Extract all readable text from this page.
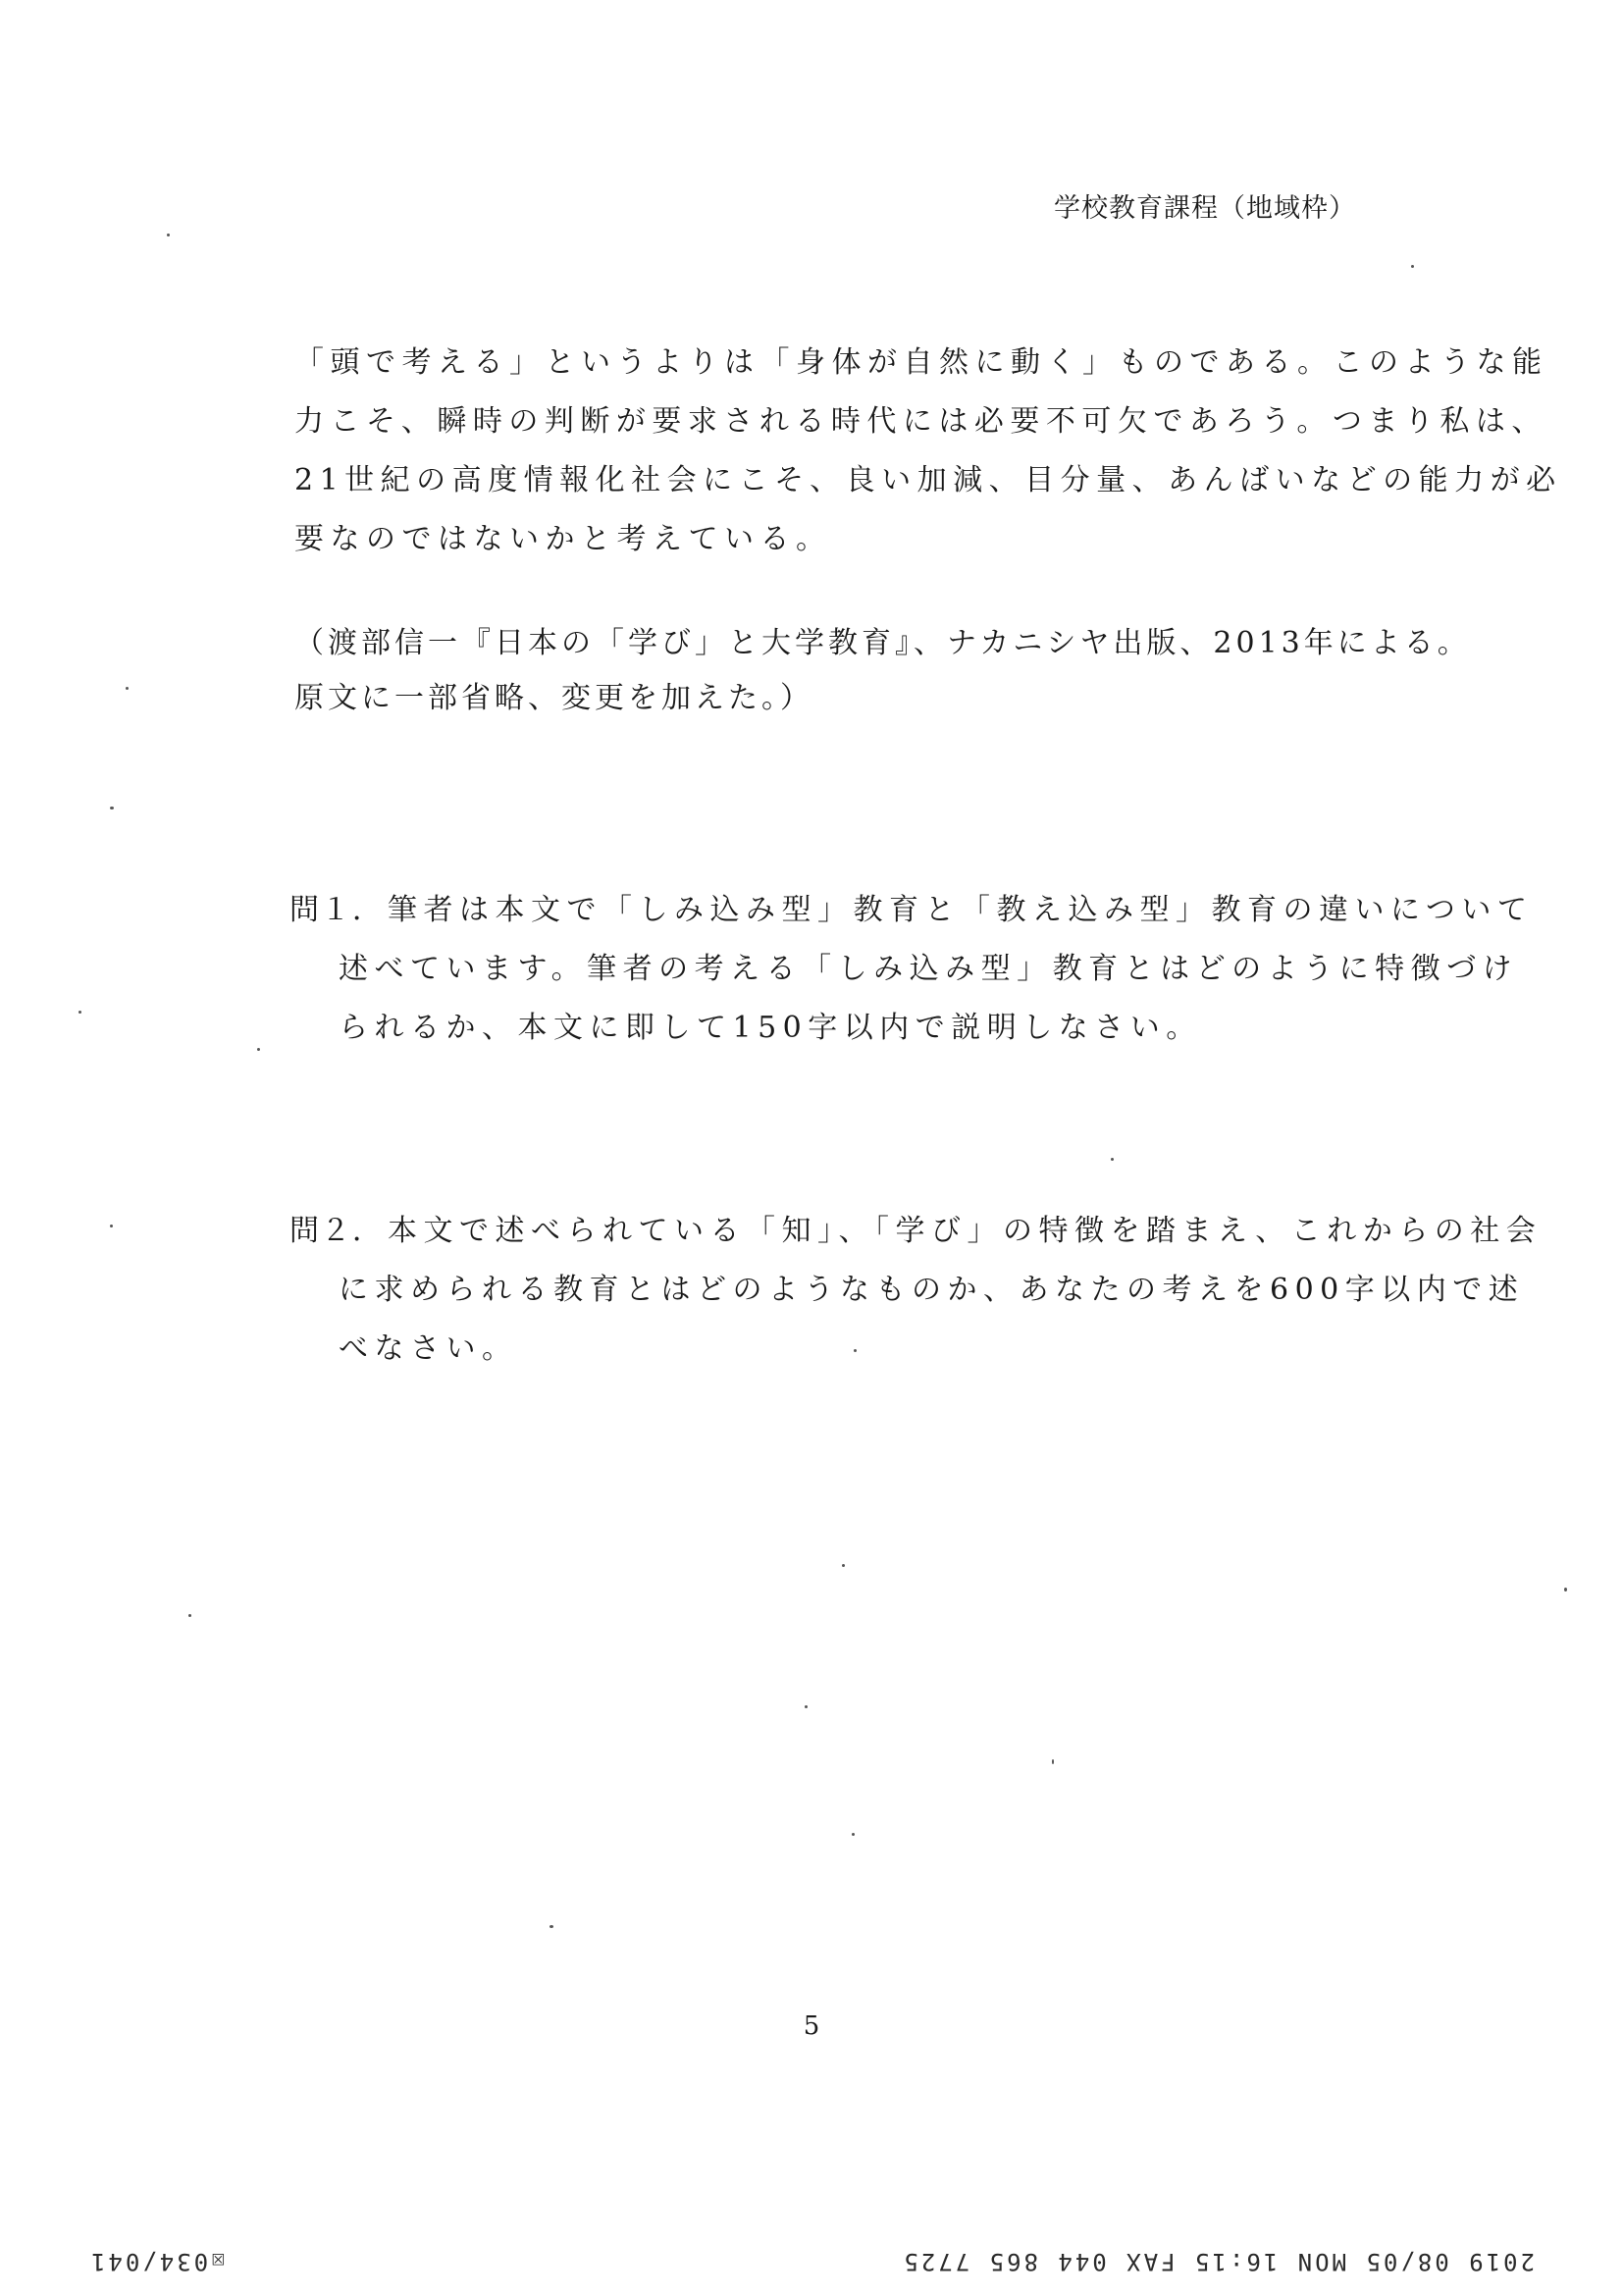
学校教育課程（地域枠）
「頭で考える」というよりは「身体が自然に動く」ものである。このような能
力こそ、瞬時の判断が要求される時代には必要不可欠であろう。つまり私は、
21世紀の高度情報化社会にこそ、良い加減、目分量、あんばいなどの能力が必
要なのではないかと考えている。
（渡部信一『日本の「学び」と大学教育』、ナカニシヤ出版、2013年による。
原文に一部省略、変更を加えた。）
問１． 筆者は本文で「しみ込み型」教育と「教え込み型」教育の違いについて
述べています。筆者の考える「しみ込み型」教育とはどのように特徴づけ
られるか、本文に即して150字以内で説明しなさい。
問２． 本文で述べられている「知」、「学び」の特徴を踏まえ、これからの社会
に求められる教育とはどのようなものか、あなたの考えを600字以内で述
べなさい。
5
2019 08/05 MON 16:15 FAX 044 865 7725
☒034/041
